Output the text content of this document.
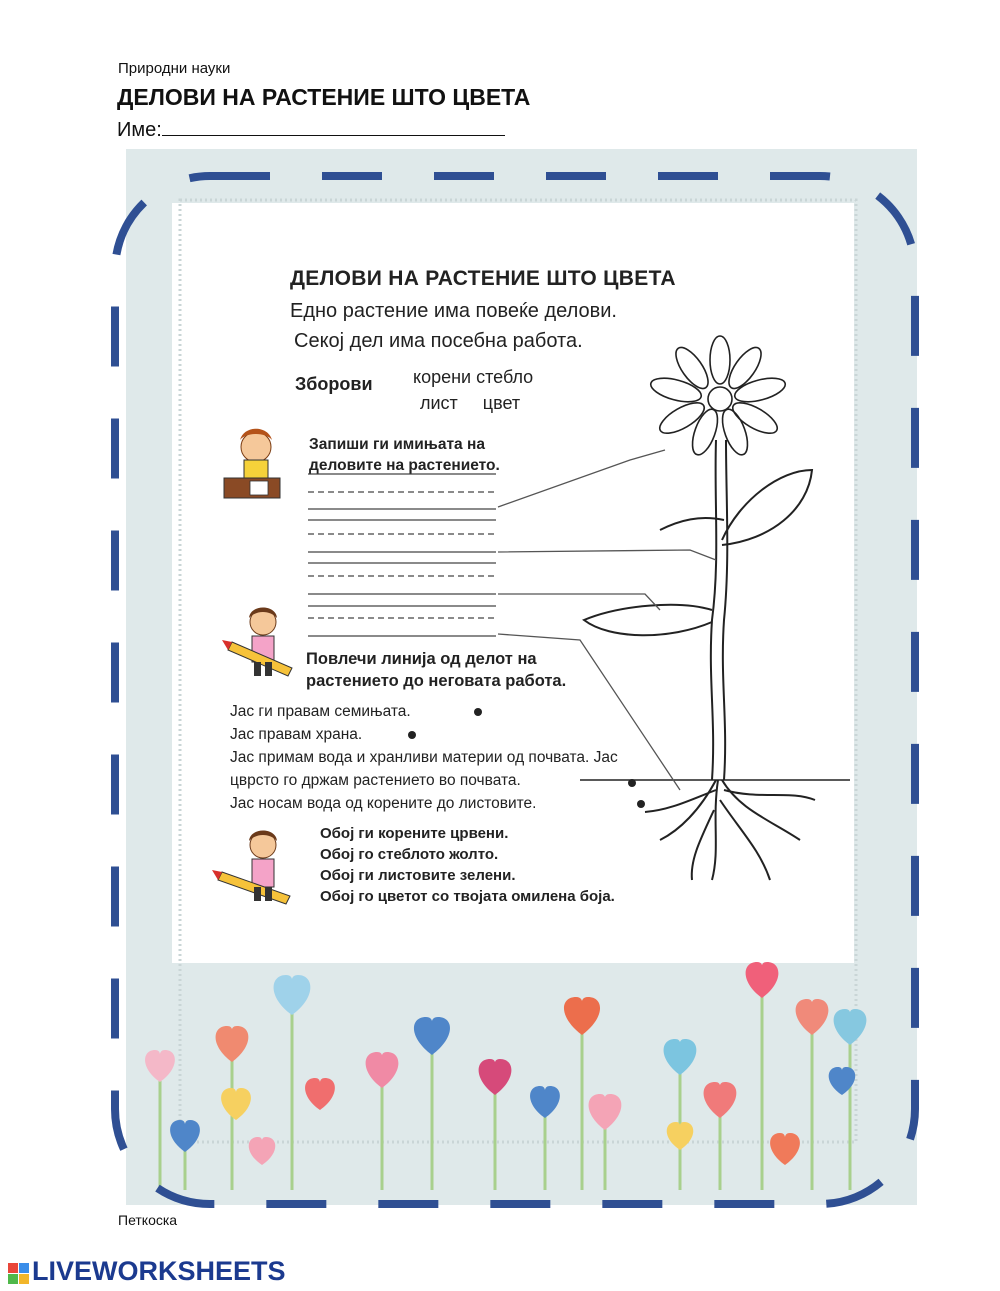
Природни науки
ДЕЛОВИ НА РАСТЕНИЕ ШТО ЦВЕТА
Име:
ДЕЛОВИ НА РАСТЕНИЕ ШТО ЦВЕТА
Едно растение има повеќе делови.
Секој дел има посебна работа.
Зборови корени стебло
лист     цвет
Запиши ги имињата на
деловите на растението.
Повлечи линија од делот на
растението до неговата работа.
Јас ги правам семињата.
Јас правам храна.
Јас примам вода и хранливи материи од почвата. Јас
цврсто го држам растението во почвата.
Јас носам вода од корените до листовите.
Обој ги корените црвени.
Обој го стеблото жолто.
Обој ги листовите зелени.
Обој го цветот со твојата омилена боја.
Петкоска
LIVEWORKSHEETS
